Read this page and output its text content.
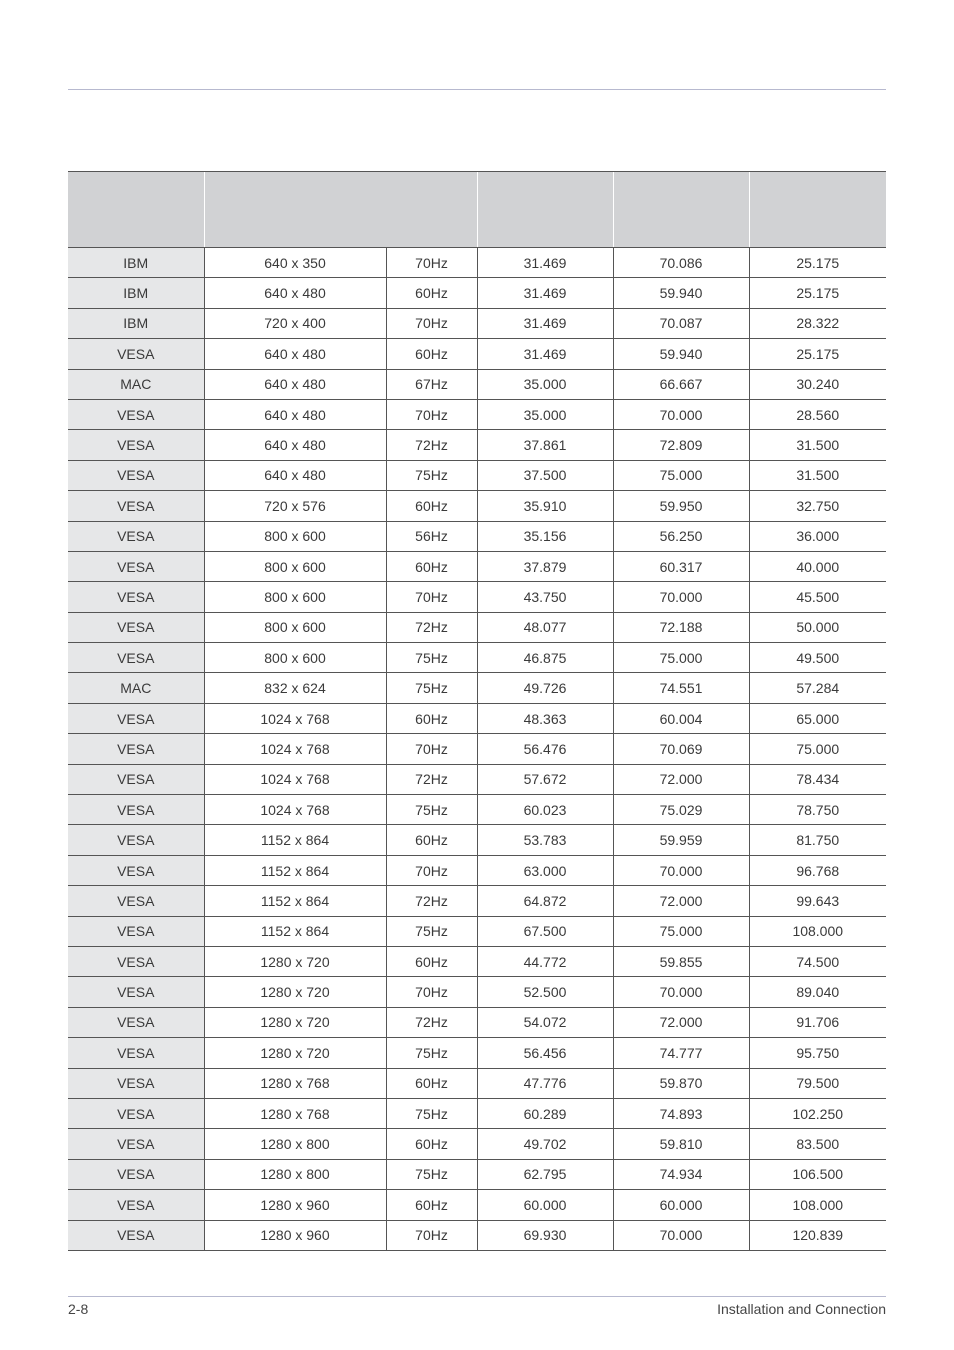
IBM	640 x 350	70Hz	31.469	70.086	25.175
IBM	640 x 480	60Hz	31.469	59.940	25.175
IBM	720 x 400	70Hz	31.469	70.087	28.322
VESA	640 x 480	60Hz	31.469	59.940	25.175
MAC	640 x 480	67Hz	35.000	66.667	30.240
VESA	640 x 480	70Hz	35.000	70.000	28.560
VESA	640 x 480	72Hz	37.861	72.809	31.500
VESA	640 x 480	75Hz	37.500	75.000	31.500
VESA	720 x 576	60Hz	35.910	59.950	32.750
VESA	800 x 600	56Hz	35.156	56.250	36.000
VESA	800 x 600	60Hz	37.879	60.317	40.000
VESA	800 x 600	70Hz	43.750	70.000	45.500
VESA	800 x 600	72Hz	48.077	72.188	50.000
VESA	800 x 600	75Hz	46.875	75.000	49.500
MAC	832 x 624	75Hz	49.726	74.551	57.284
VESA	1024 x 768	60Hz	48.363	60.004	65.000
VESA	1024 x 768	70Hz	56.476	70.069	75.000
VESA	1024 x 768	72Hz	57.672	72.000	78.434
VESA	1024 x 768	75Hz	60.023	75.029	78.750
VESA	1152 x 864	60Hz	53.783	59.959	81.750
VESA	1152 x 864	70Hz	63.000	70.000	96.768
VESA	1152 x 864	72Hz	64.872	72.000	99.643
VESA	1152 x 864	75Hz	67.500	75.000	108.000
VESA	1280 x 720	60Hz	44.772	59.855	74.500
VESA	1280 x 720	70Hz	52.500	70.000	89.040
VESA	1280 x 720	72Hz	54.072	72.000	91.706
VESA	1280 x 720	75Hz	56.456	74.777	95.750
VESA	1280 x 768	60Hz	47.776	59.870	79.500
VESA	1280 x 768	75Hz	60.289	74.893	102.250
VESA	1280 x 800	60Hz	49.702	59.810	83.500
VESA	1280 x 800	75Hz	62.795	74.934	106.500
VESA	1280 x 960	60Hz	60.000	60.000	108.000
VESA	1280 x 960	70Hz	69.930	70.000	120.839
2-8	Installation and Connection
